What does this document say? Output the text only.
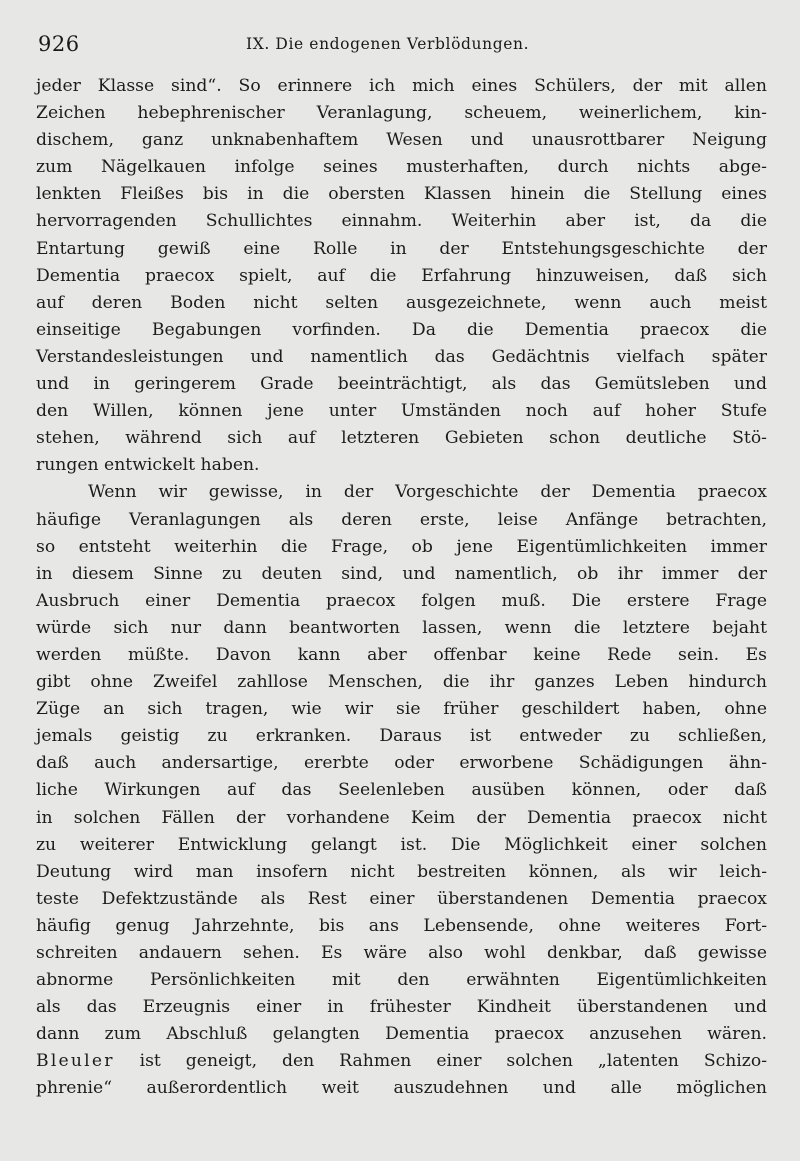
926	IX. Die endogenen Verblödungen.
jeder Klasse sind“. So erinnere ich mich eines Schülers, der mit allen
Zeichen hebephrenischer Veranlagung, scheuem, weinerlichem, kin-
dischem, ganz unknabenhaftem Wesen und unausrottbarer Neigung
zum Nägelkauen infolge seines musterhaften, durch nichts abge-
lenkten Fleißes bis in die obersten Klassen hinein die Stellung eines
hervorragenden Schullichtes einnahm. Weiterhin aber ist, da die
Entartung gewiß eine Rolle in der Entstehungsgeschichte der
Dementia praecox spielt, auf die Erfahrung hinzuweisen, daß sich
auf deren Boden nicht selten ausgezeichnete, wenn auch meist
einseitige Begabungen vorfinden. Da die Dementia praecox die
Verstandesleistungen und namentlich das Gedächtnis vielfach später
und in geringerem Grade beeinträchtigt, als das Gemütsleben und
den Willen, können jene unter Umständen noch auf hoher Stufe
stehen, während sich auf letzteren Gebieten schon deutliche Stö-
rungen entwickelt haben.
Wenn wir gewisse, in der Vorgeschichte der Dementia praecox
häufige Veranlagungen als deren erste, leise Anfänge betrachten,
so entsteht weiterhin die Frage, ob jene Eigentümlichkeiten immer
in diesem Sinne zu deuten sind, und namentlich, ob ihr immer der
Ausbruch einer Dementia praecox folgen muß. Die erstere Frage
würde sich nur dann beantworten lassen, wenn die letztere bejaht
werden müßte. Davon kann aber offenbar keine Rede sein. Es
gibt ohne Zweifel zahllose Menschen, die ihr ganzes Leben hindurch
Züge an sich tragen, wie wir sie früher geschildert haben, ohne
jemals geistig zu erkranken. Daraus ist entweder zu schließen,
daß auch andersartige, ererbte oder erworbene Schädigungen ähn-
liche Wirkungen auf das Seelenleben ausüben können, oder daß
in solchen Fällen der vorhandene Keim der Dementia praecox nicht
zu weiterer Entwicklung gelangt ist. Die Möglichkeit einer solchen
Deutung wird man insofern nicht bestreiten können, als wir leich-
teste Defektzustände als Rest einer überstandenen Dementia praecox
häufig genug Jahrzehnte, bis ans Lebensende, ohne weiteres Fort-
schreiten andauern sehen. Es wäre also wohl denkbar, daß gewisse
abnorme Persönlichkeiten mit den erwähnten Eigentümlichkeiten
als das Erzeugnis einer in frühester Kindheit überstandenen und
dann zum Abschluß gelangten Dementia praecox anzusehen wären.
Bleuler ist geneigt, den Rahmen einer solchen „latenten Schizo-
phrenie“ außerordentlich weit auszudehnen und alle möglichen
